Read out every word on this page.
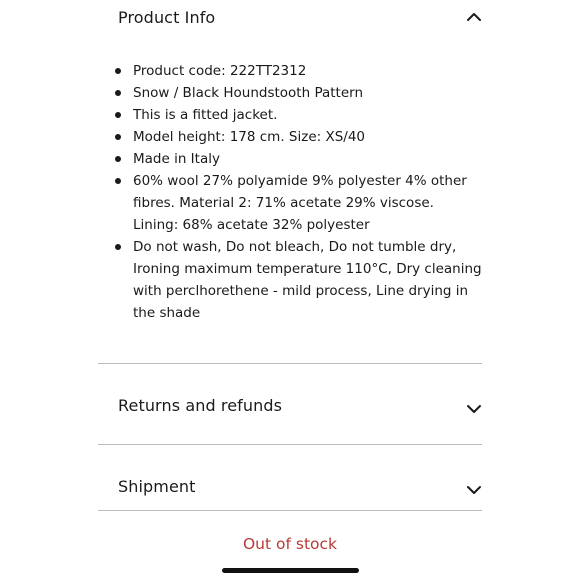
Product Info
Product code: 222TT2312
Snow / Black Houndstooth Pattern
This is a fitted jacket.
Model height: 178 cm. Size: XS/40
Made in Italy
60% wool 27% polyamide 9% polyester 4% other fibres. Material 2: 71% acetate 29% viscose. Lining: 68% acetate 32% polyester
Do not wash, Do not bleach, Do not tumble dry, Ironing maximum temperature 110°C, Dry cleaning with perclhorethene - mild process, Line drying in the shade
Returns and refunds
Shipment
Out of stock
